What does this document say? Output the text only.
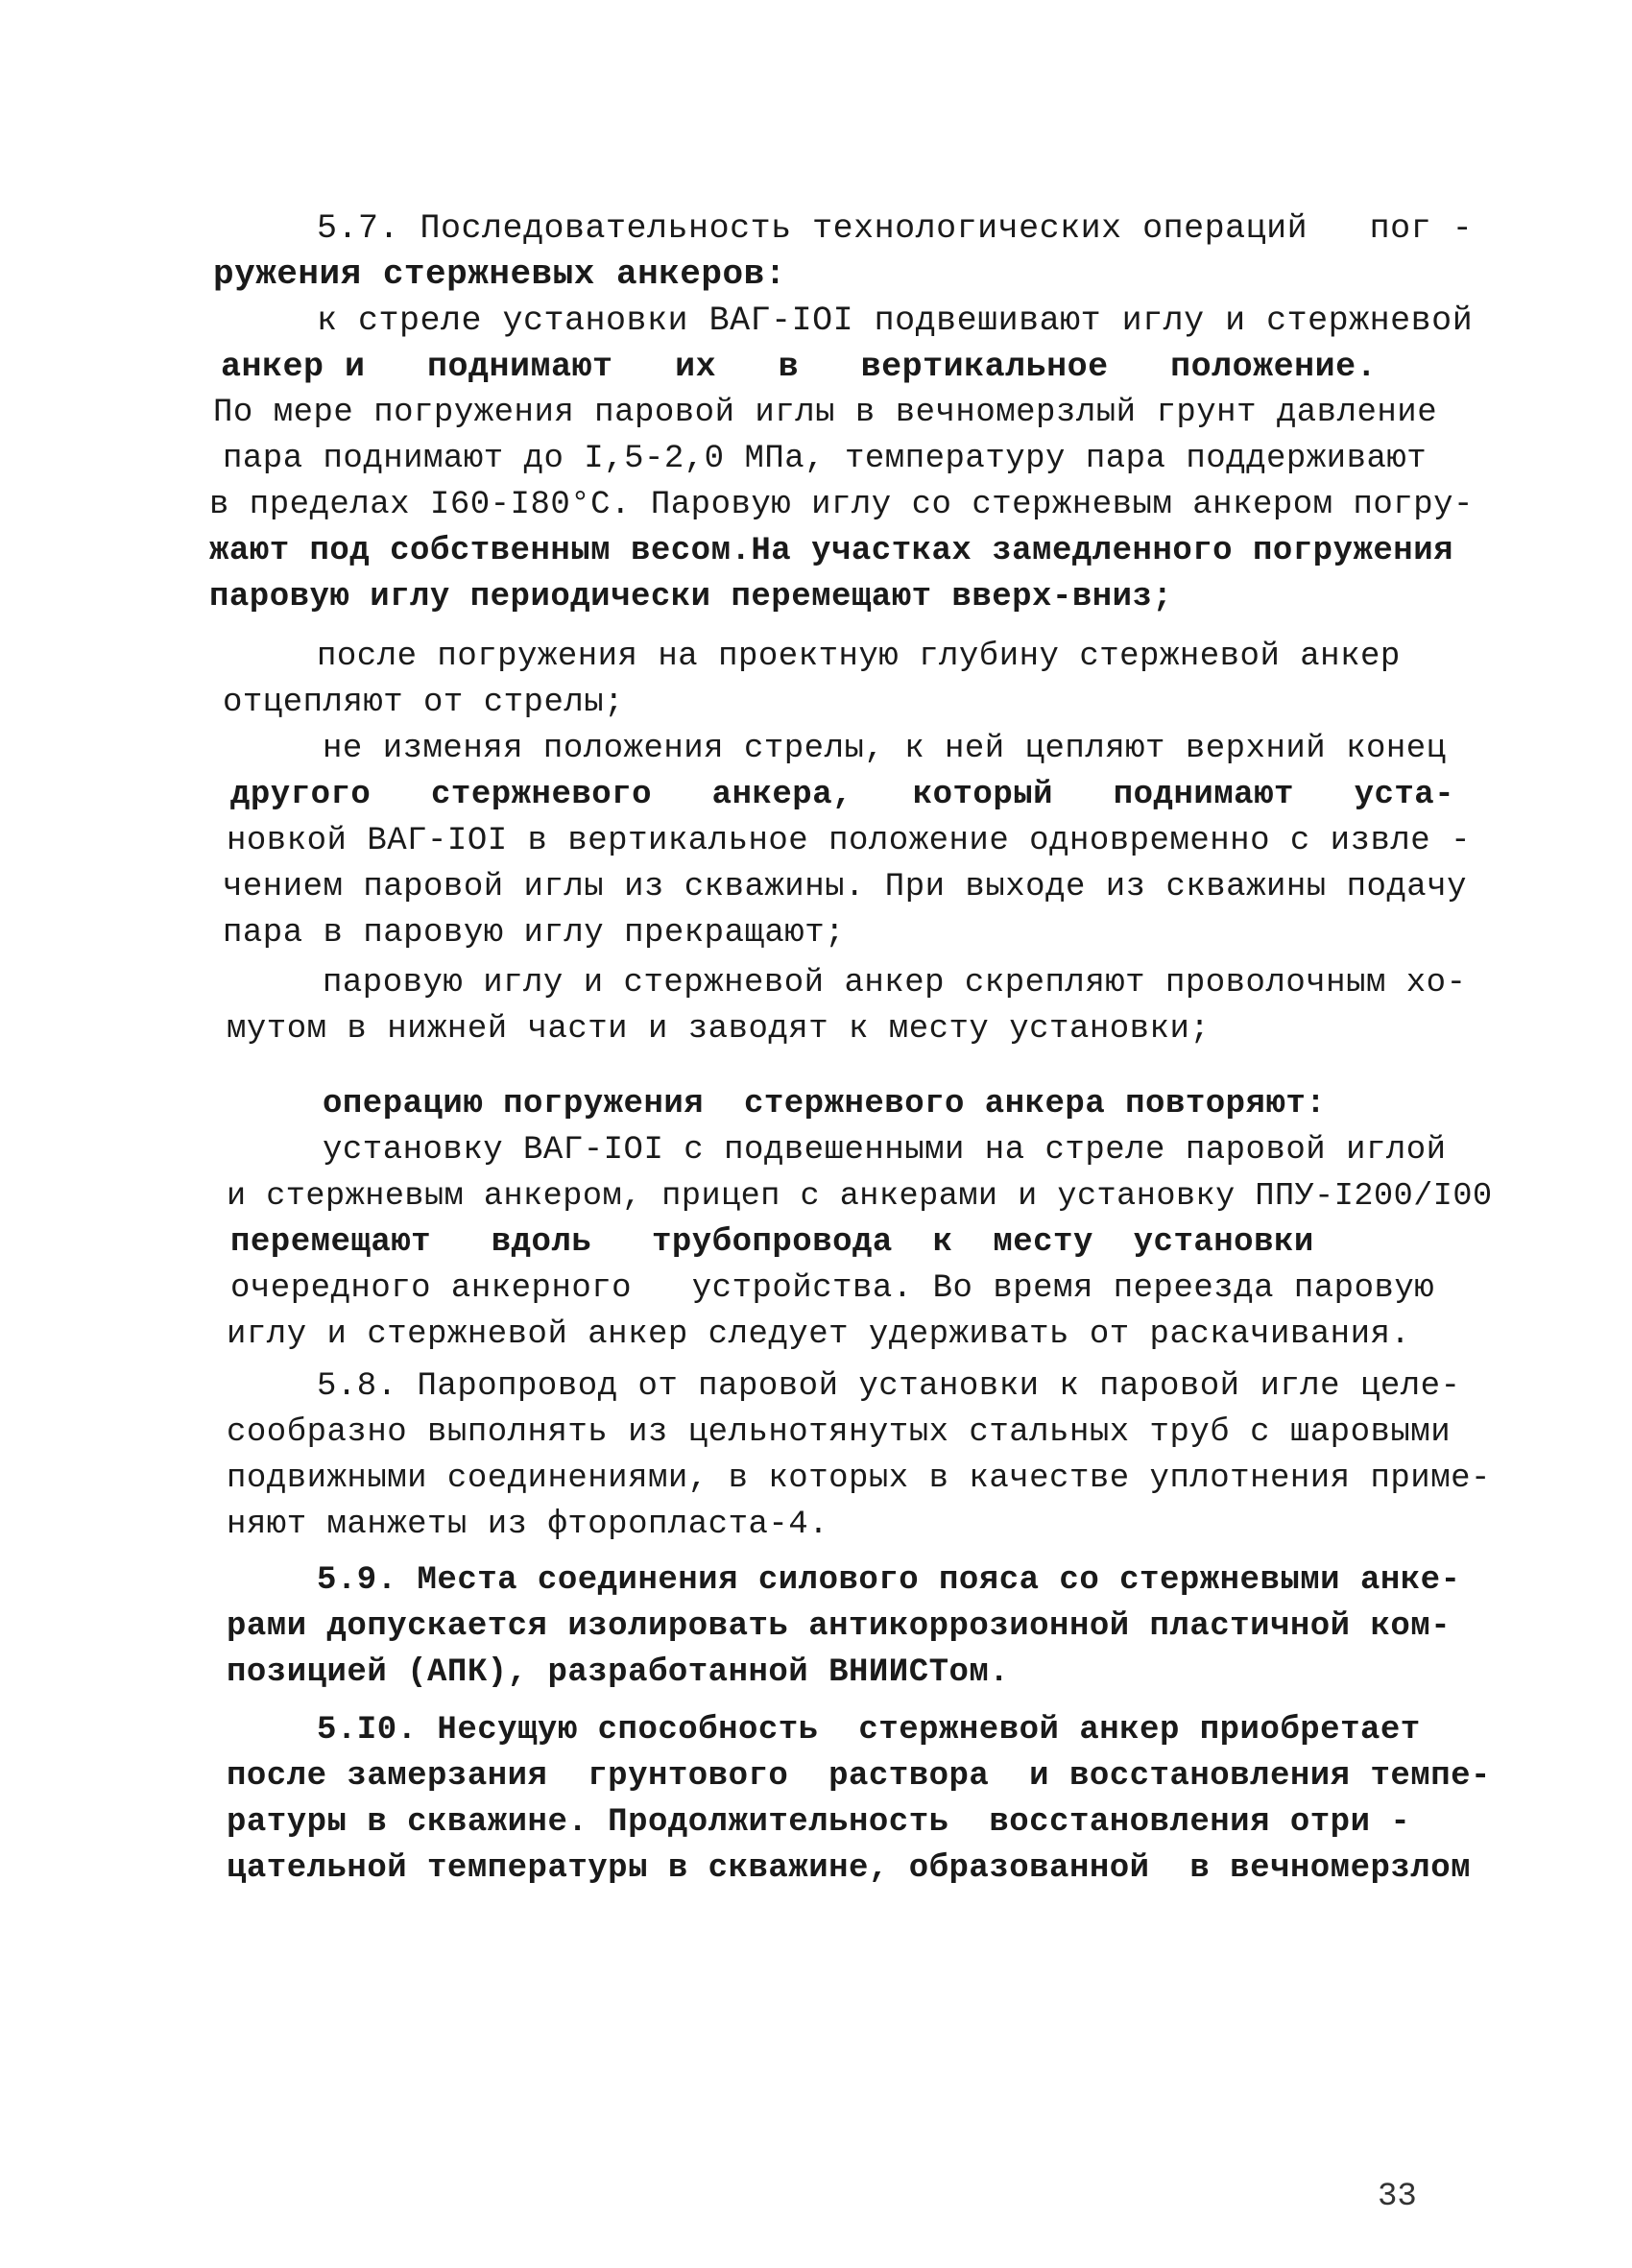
5.7. Последовательность технологических операций   пог -
ружения стержневых анкеров:
к стреле установки ВАГ-IOI подвешивают иглу и стержневой
анкер и   поднимают   их   в   вертикальное   положение.
По мере погружения паровой иглы в вечномерзлый грунт давление
пара поднимают до I,5-2,0 МПа, температуру пара поддерживают
в пределах I60-I80°С. Паровую иглу со стержневым анкером погру-
жают под собственным весом.На участках замедленного погружения
паровую иглу периодически перемещают вверх-вниз;
после погружения на проектную глубину стержневой анкер
отцепляют от стрелы;
не изменяя положения стрелы, к ней цепляют верхний конец
другого   стержневого   анкера,   который   поднимают   уста-
новкой ВАГ-IOI в вертикальное положение одновременно с извле -
чением паровой иглы из скважины. При выходе из скважины подачу
пара в паровую иглу прекращают;
паровую иглу и стержневой анкер скрепляют проволочным хо-
мутом в нижней части и заводят к месту установки;
операцию погружения  стержневого анкера повторяют:
установку ВАГ-IOI с подвешенными на стреле паровой иглой
и стержневым анкером, прицеп с анкерами и установку ППУ-I200/I00
перемещают   вдоль   трубопровода  к  месту  установки
очередного анкерного   устройства. Во время переезда паровую
иглу и стержневой анкер следует удерживать от раскачивания.
5.8. Паропровод от паровой установки к паровой игле целе-
сообразно выполнять из цельнотянутых стальных труб с шаровыми
подвижными соединениями, в которых в качестве уплотнения приме-
няют манжеты из фторопласта-4.
5.9. Места соединения силового пояса со стержневыми анке-
рами допускается изолировать антикоррозионной пластичной ком-
позицией (АПК), разработанной ВНИИСТом.
5.I0. Несущую способность  стержневой анкер приобретает
после замерзания  грунтового  раствора  и восстановления темпе-
ратуры в скважине. Продолжительность  восстановления отри -
цательной температуры в скважине, образованной  в вечномерзлом
33
